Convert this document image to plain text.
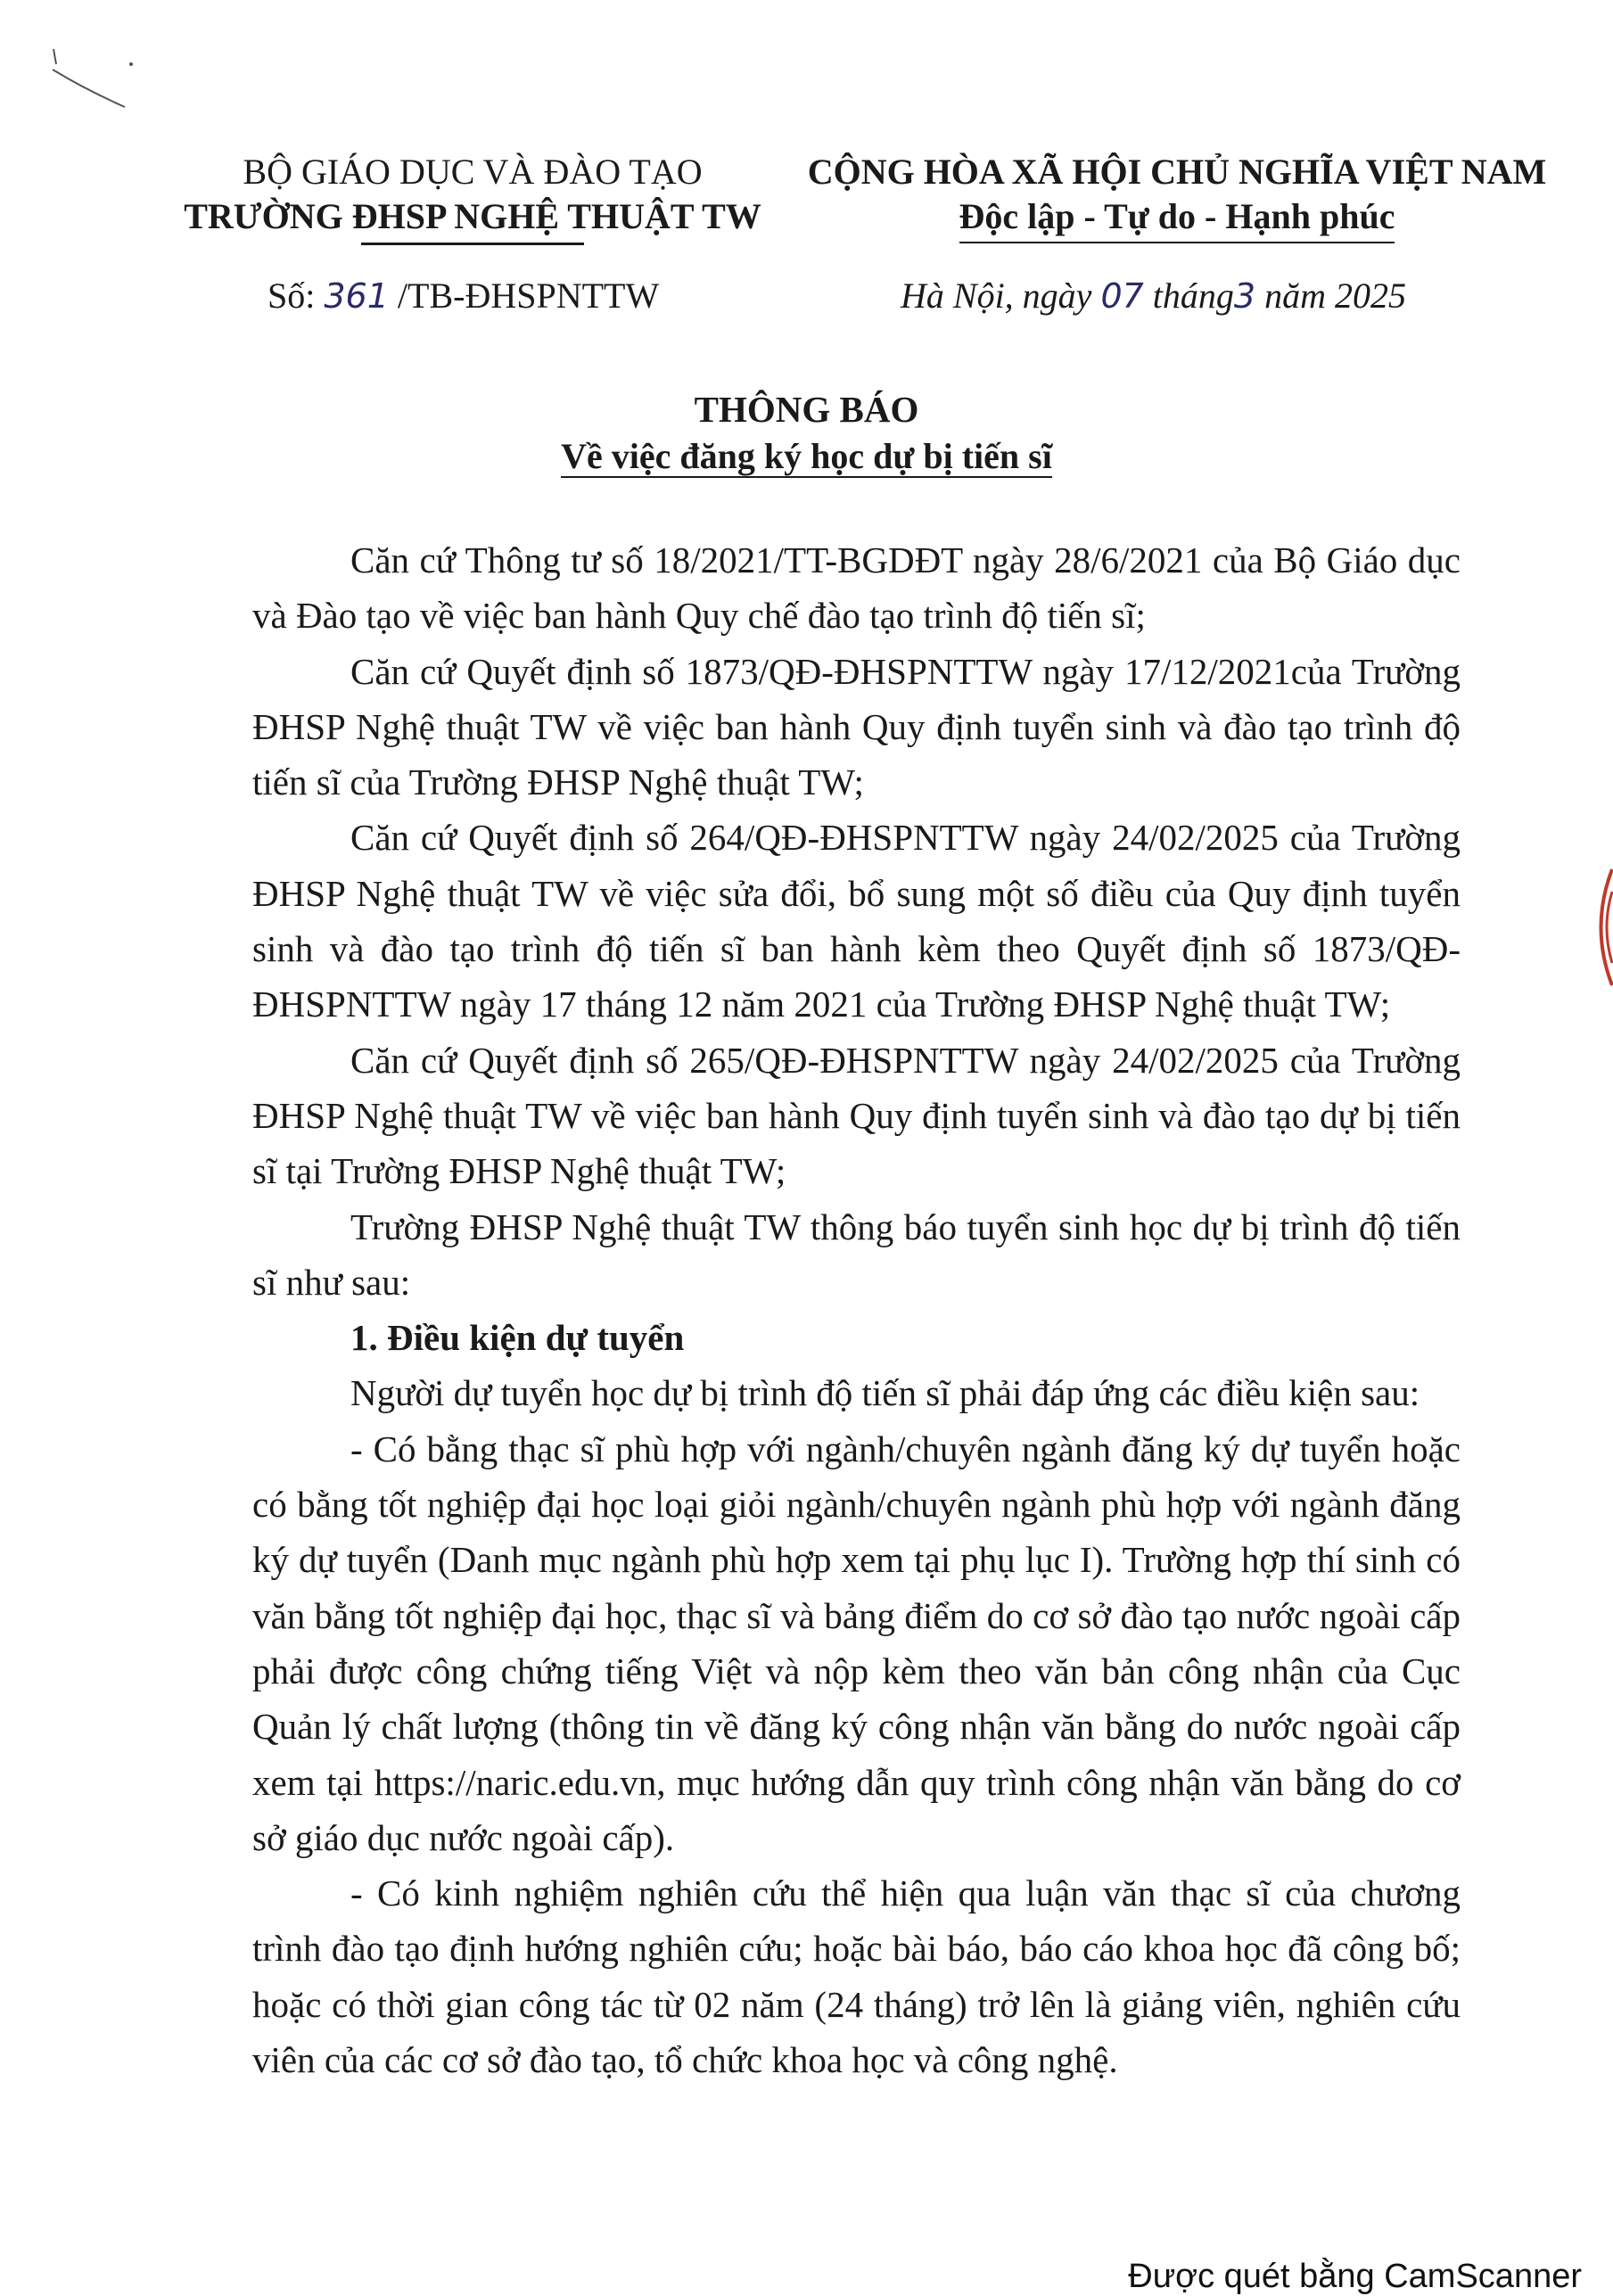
BỘ GIÁO DỤC VÀ ĐÀO TẠO
TRƯỜNG ĐHSP NGHỆ THUẬT TW
CỘNG HÒA XÃ HỘI CHỦ NGHĨA VIỆT NAM
Độc lập - Tự do - Hạnh phúc
Số: 361 /TB-ĐHSPNTTW	Hà Nội, ngày 07 tháng3 năm 2025
THÔNG BÁO
Về việc đăng ký học dự bị tiến sĩ

Căn cứ Thông tư số 18/2021/TT-BGDĐT ngày 28/6/2021 của Bộ Giáo dục và Đào tạo về việc ban hành Quy chế đào tạo trình độ tiến sĩ;

Căn cứ Quyết định số 1873/QĐ-ĐHSPNTTW ngày 17/12/2021của Trường ĐHSP Nghệ thuật TW về việc ban hành Quy định tuyển sinh và đào tạo trình độ tiến sĩ của Trường ĐHSP Nghệ thuật TW;

Căn cứ Quyết định số 264/QĐ-ĐHSPNTTW ngày 24/02/2025 của Trường ĐHSP Nghệ thuật TW về việc sửa đổi, bổ sung một số điều của Quy định tuyển sinh và đào tạo trình độ tiến sĩ ban hành kèm theo Quyết định số 1873/QĐ-ĐHSPNTTW ngày 17 tháng 12 năm 2021 của Trường ĐHSP Nghệ thuật TW;

Căn cứ Quyết định số 265/QĐ-ĐHSPNTTW ngày 24/02/2025 của Trường ĐHSP Nghệ thuật TW về việc ban hành Quy định tuyển sinh và đào tạo dự bị tiến sĩ tại Trường ĐHSP Nghệ thuật TW;

Trường ĐHSP Nghệ thuật TW thông báo tuyển sinh học dự bị trình độ tiến sĩ như sau:

1. Điều kiện dự tuyển

Người dự tuyển học dự bị trình độ tiến sĩ phải đáp ứng các điều kiện sau:

- Có bằng thạc sĩ phù hợp với ngành/chuyên ngành đăng ký dự tuyển hoặc có bằng tốt nghiệp đại học loại giỏi ngành/chuyên ngành phù hợp với ngành đăng ký dự tuyển (Danh mục ngành phù hợp xem tại phụ lục I). Trường hợp thí sinh có văn bằng tốt nghiệp đại học, thạc sĩ và bảng điểm do cơ sở đào tạo nước ngoài cấp phải được công chứng tiếng Việt và nộp kèm theo văn bản công nhận của Cục Quản lý chất lượng (thông tin về đăng ký công nhận văn bằng do nước ngoài cấp xem tại https://naric.edu.vn, mục hướng dẫn quy trình công nhận văn bằng do cơ sở giáo dục nước ngoài cấp).

- Có kinh nghiệm nghiên cứu thể hiện qua luận văn thạc sĩ của chương trình đào tạo định hướng nghiên cứu; hoặc bài báo, báo cáo khoa học đã công bố; hoặc có thời gian công tác từ 02 năm (24 tháng) trở lên là giảng viên, nghiên cứu viên của các cơ sở đào tạo, tổ chức khoa học và công nghệ.

Được quét bằng CamScanner
